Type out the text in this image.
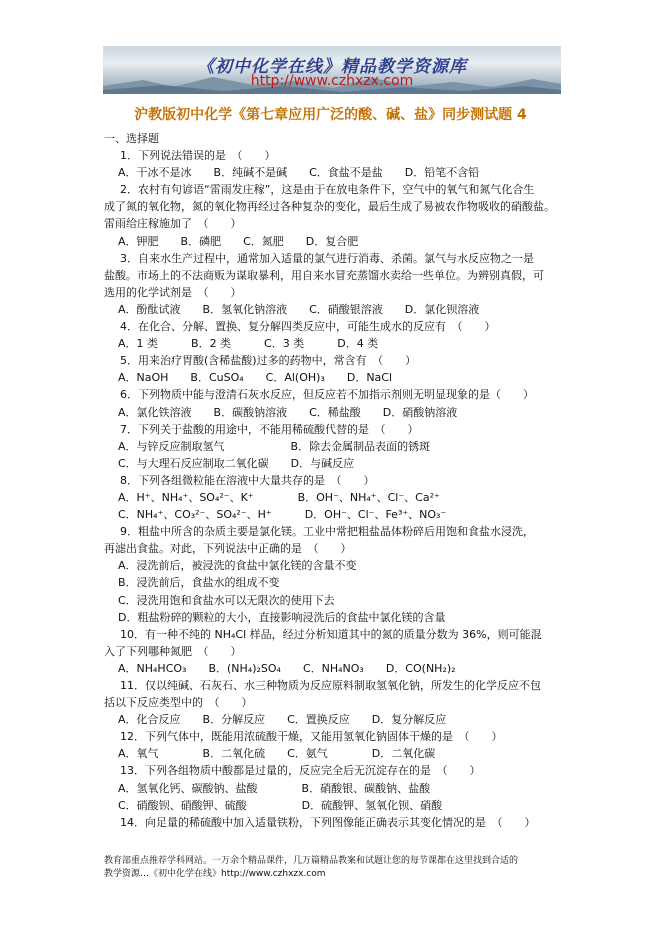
《初中化学在线》精品教学资源库
http://www.czhxzx.com
沪教版初中化学《第七章应用广泛的酸、碱、盐》同步测试题 4
一、选择题
1．下列说法错误的是　（　　）
A．干冰不是冰　　B．纯碱不是碱　　C．食盐不是盐　　D．铅笔不含铅
2．农村有句谚语“雷雨发庄稼”，这是由于在放电条件下，空气中的氧气和氮气化合生
成了氮的氧化物，氮的氧化物再经过各种复杂的变化，最后生成了易被农作物吸收的硝酸盐。
雷雨给庄稼施加了　（　　）
A．钾肥　　B．磷肥　　C．氮肥　　D．复合肥
3．自来水生产过程中，通常加入适量的氯气进行消毒、杀菌。氯气与水反应物之一是
盐酸。市场上的不法商贩为谋取暴利，用自来水冒充蒸馏水卖给一些单位。为辨别真假，可
选用的化学试剂是　（　　）
A．酚酞试液　　B．氢氧化钠溶液　　C．硝酸银溶液　　D．氯化钡溶液
4．在化合、分解、置换、复分解四类反应中，可能生成水的反应有　（　　）
A．1 类　　　B．2 类　　　C．3 类　　　D．4 类
5．用来治疗胃酸(含稀盐酸)过多的药物中，常含有　（　　）
A．NaOH　　B．CuSO₄　　C．Al(OH)₃　　D．NaCl
6．下列物质中能与澄清石灰水反应，但反应若不加指示剂则无明显现象的是（　　）
A．氯化铁溶液　　B．碳酸钠溶液　　C．稀盐酸　　D．硝酸钠溶液
7．下列关于盐酸的用途中，不能用稀硫酸代替的是　（　　）
A．与锌反应制取氢气　　　　　　B．除去金属制品表面的锈斑
C．与大理石反应制取二氧化碳　　D．与碱反应
8．下列各组微粒能在溶液中大量共存的是　（　　）
A．H⁺、NH₄⁺、SO₄²⁻、K⁺　　　　B．OH⁻、NH₄⁺、Cl⁻、Ca²⁺
C．NH₄⁺、CO₃²⁻、SO₄²⁻、H⁺　　　D．OH⁻、Cl⁻、Fe³⁺、NO₃⁻
9．粗盐中所含的杂质主要是氯化镁。工业中常把粗盐晶体粉碎后用饱和食盐水浸洗，
再滤出食盐。对此，下列说法中正确的是　（　　）
A．浸洗前后，被浸洗的食盐中氯化镁的含量不变
B．浸洗前后，食盐水的组成不变
C．浸洗用饱和食盐水可以无限次的使用下去
D．粗盐粉碎的颗粒的大小，直接影响浸洗后的食盐中氯化镁的含量
10．有一种不纯的 NH₄Cl 样品，经过分析知道其中的氮的质量分数为 36%，则可能混
入了下列哪种氮肥　（　　）
A．NH₄HCO₃　　B．(NH₄)₂SO₄　　C．NH₄NO₃　　D．CO(NH₂)₂
11．仅以纯碱、石灰石、水三种物质为反应原料制取氢氧化钠，所发生的化学反应不包
括以下反应类型中的　（　　）
A．化合反应　　B．分解反应　　C．置换反应　　D．复分解反应
12．下列气体中，既能用浓硫酸干燥，又能用氢氧化钠固体干燥的是　（　　）
A．氧气　　　　B．二氧化硫　　C．氨气　　　　D．二氧化碳
13．下列各组物质中酸都是过量的，反应完全后无沉淀存在的是　（　　）
A．氢氧化钙、碳酸钠、盐酸　　　　B．硝酸银、碳酸钠、盐酸
C．硝酸钡、硝酸钾、硫酸　　　　　D．硫酸钾、氢氧化钡、硝酸
14．向足量的稀硫酸中加入适量铁粉，下列图像能正确表示其变化情况的是　（　　）
教育部重点推荐学科网站。一万余个精品课件，几万篇精品教案和试题让您的每节课都在这里找到合适的
教学资源…《初中化学在线》http://www.czhxzx.com
